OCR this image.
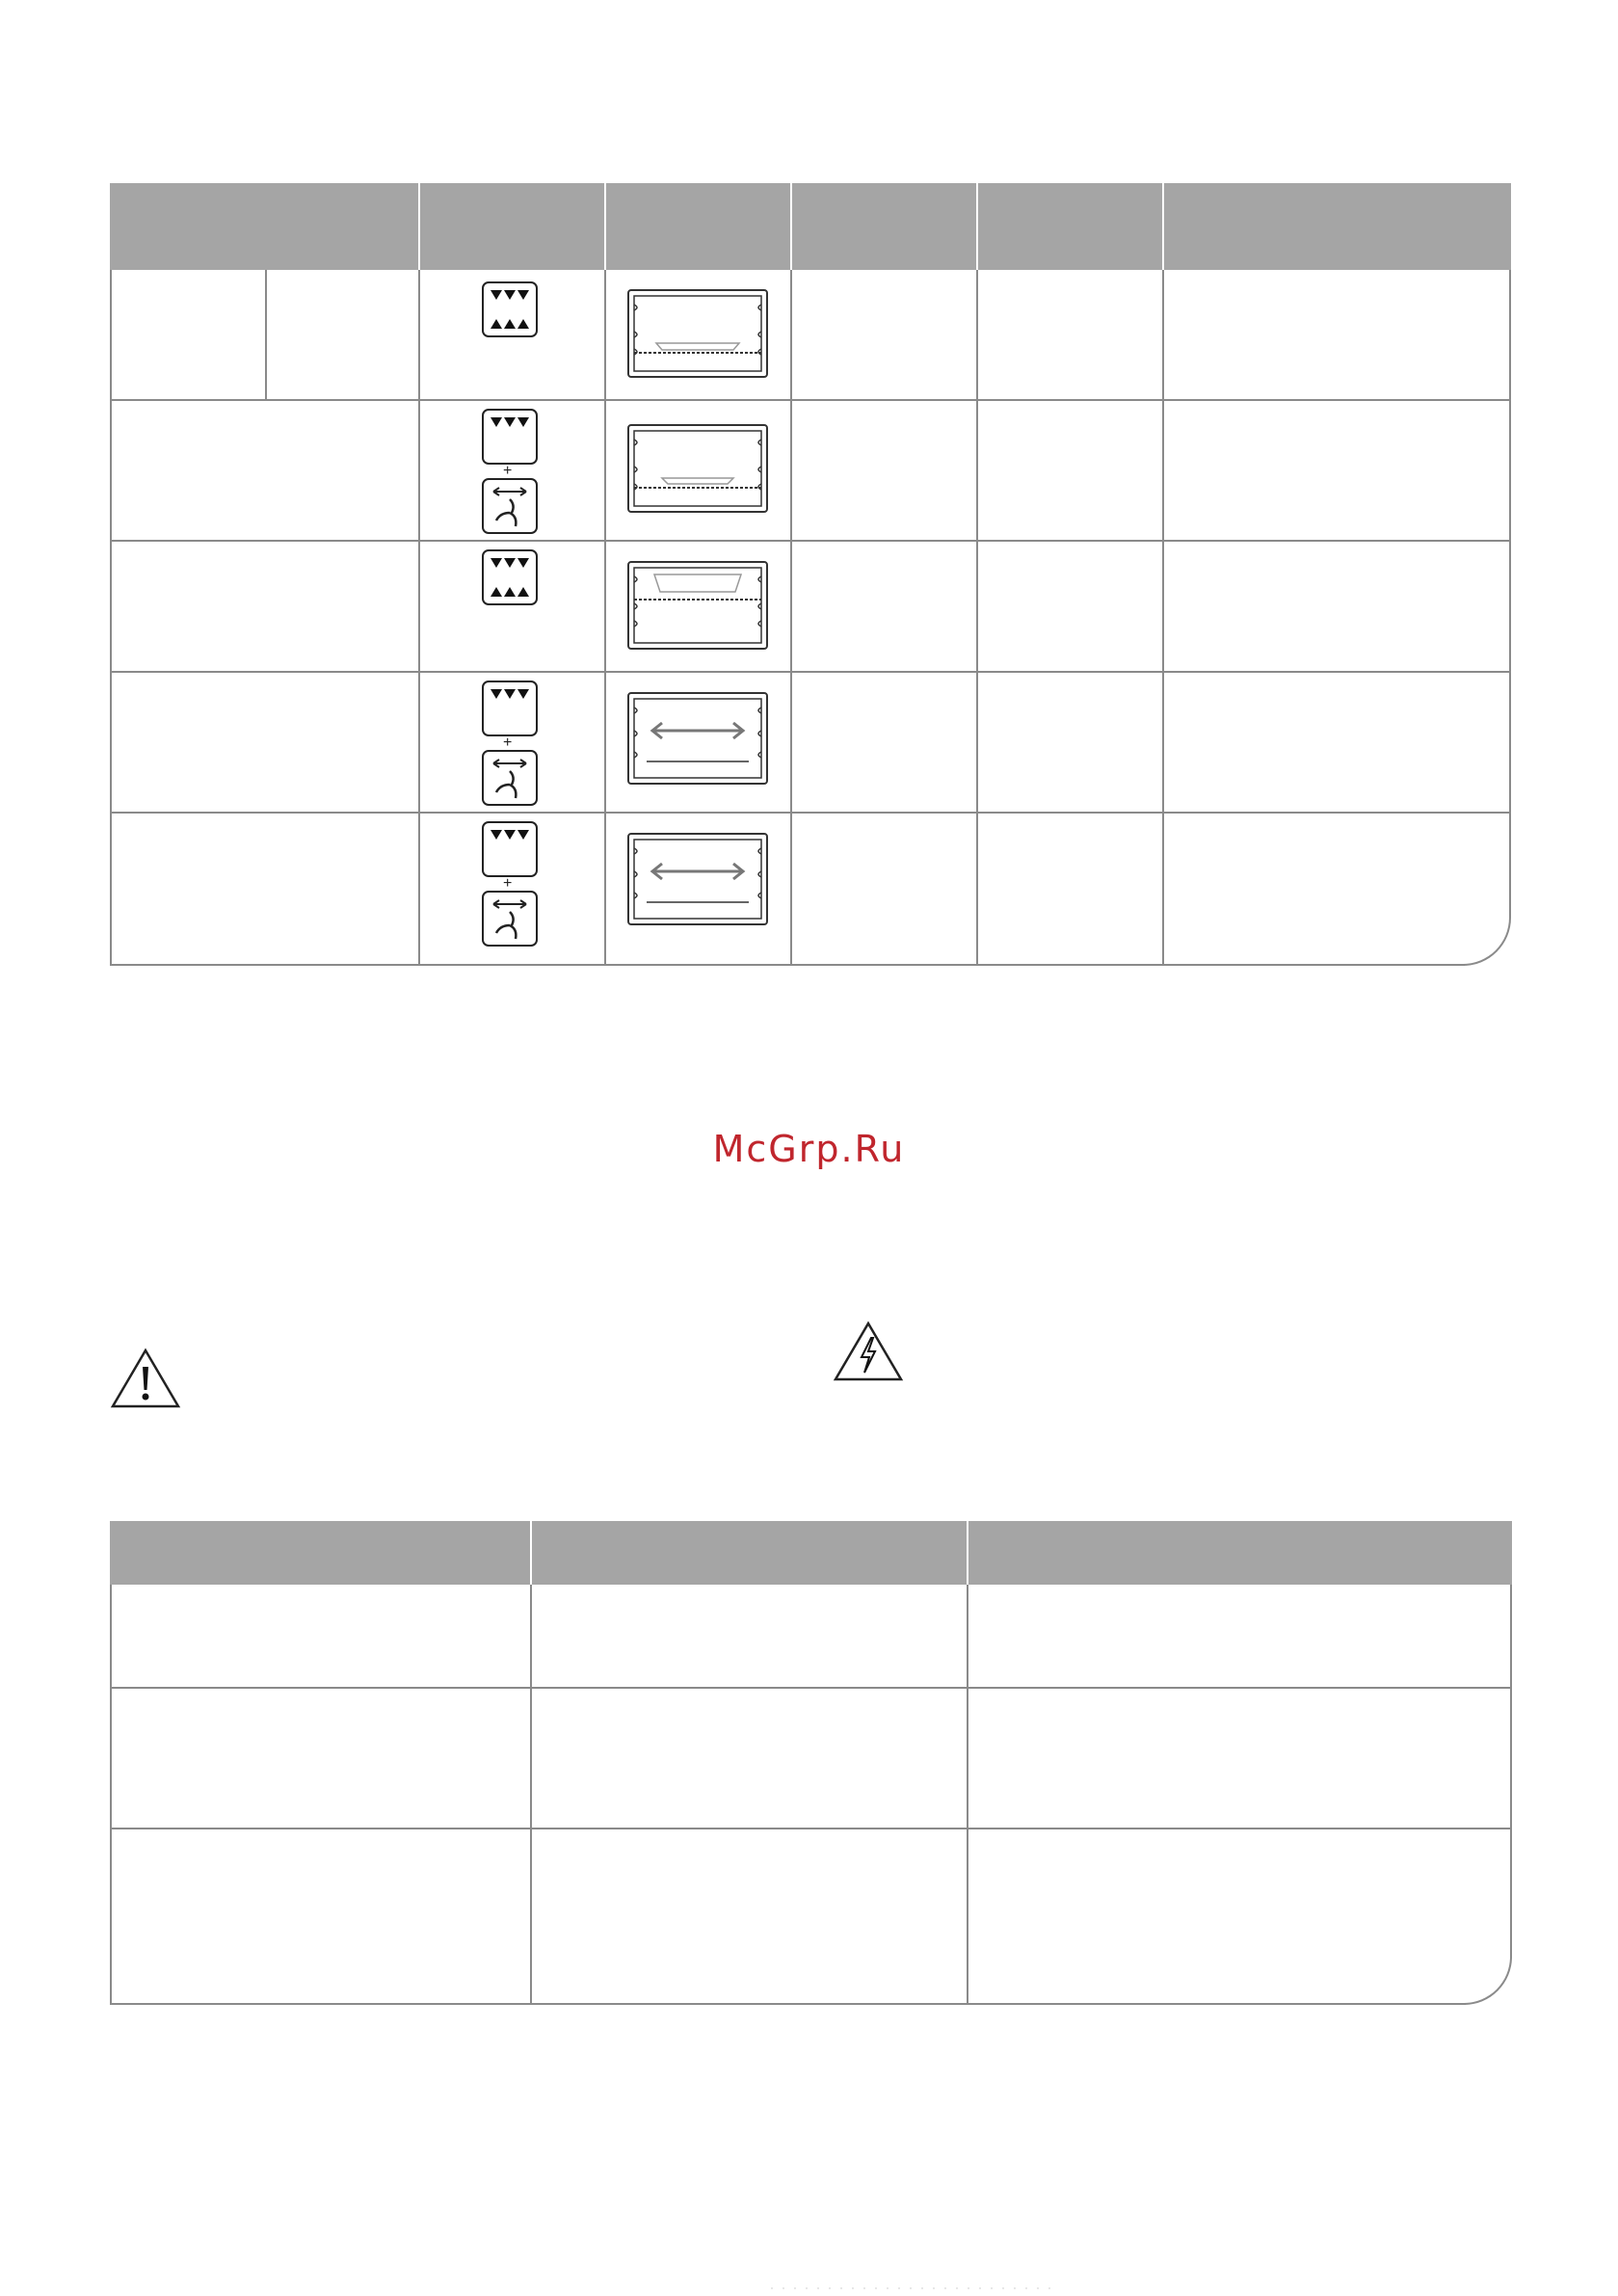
+
+
+
McGrp.Ru
